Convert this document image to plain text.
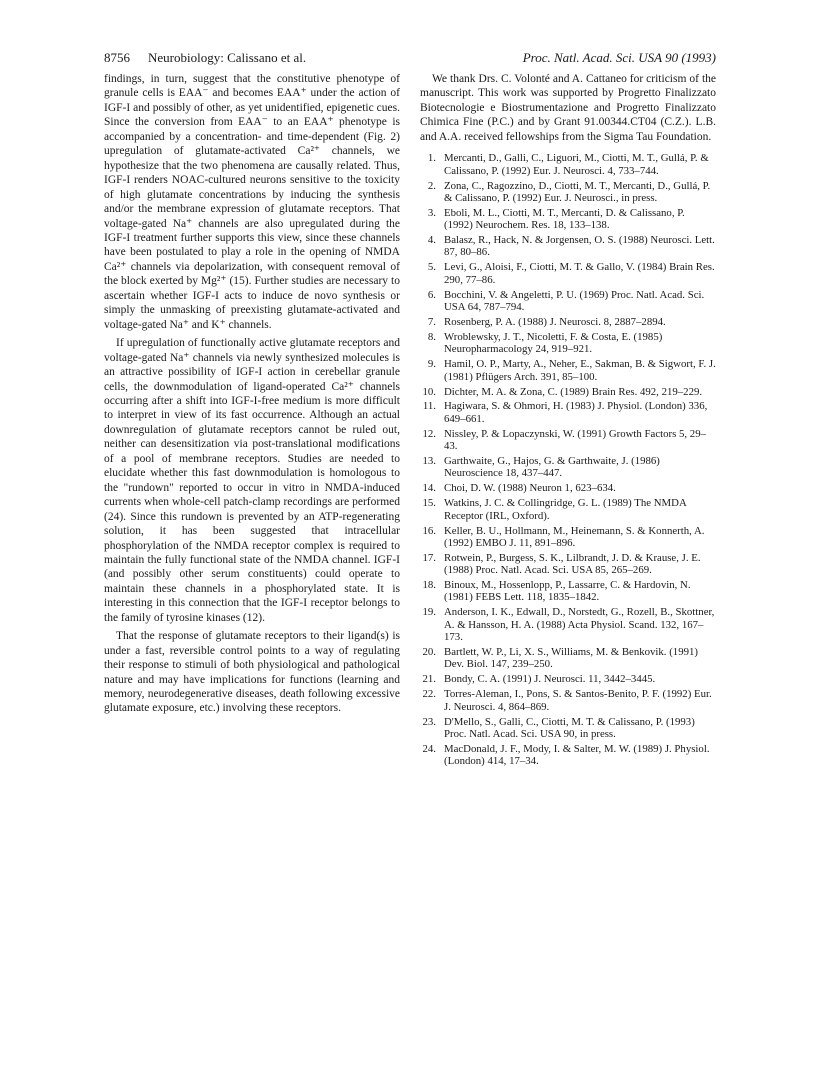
8756 Neurobiology: Calissano et al.	Proc. Natl. Acad. Sci. USA 90 (1993)

findings, in turn, suggest that the constitutive phenotype of granule cells is EAA⁻ and becomes EAA⁺ under the action of IGF-I and possibly of other, as yet unidentified, epigenetic cues. Since the conversion from EAA⁻ to an EAA⁺ phenotype is accompanied by a concentration- and time-dependent (Fig. 2) upregulation of glutamate-activated Ca²⁺ channels, we hypothesize that the two phenomena are causally related. Thus, IGF-I renders NOAC-cultured neurons sensitive to the toxicity of high glutamate concentrations by inducing the synthesis and/or the membrane expression of glutamate receptors. That voltage-gated Na⁺ channels are also upregulated during the IGF-I treatment further supports this view, since these channels have been postulated to play a role in the opening of NMDA Ca²⁺ channels via depolarization, with consequent removal of the block exerted by Mg²⁺ (15). Further studies are necessary to ascertain whether IGF-I acts to induce de novo synthesis or simply the unmasking of preexisting glutamate-activated and voltage-gated Na⁺ and K⁺ channels.

If upregulation of functionally active glutamate receptors and voltage-gated Na⁺ channels via newly synthesized molecules is an attractive possibility of IGF-I action in cerebellar granule cells, the downmodulation of ligand-operated Ca²⁺ channels occurring after a shift into IGF-I-free medium is more difficult to interpret in view of its fast occurrence. Although an actual downregulation of glutamate receptors cannot be ruled out, neither can desensitization via post-translational modifications of a pool of membrane receptors. Studies are needed to elucidate whether this fast downmodulation is homologous to the "rundown" reported to occur in vitro in NMDA-induced currents when whole-cell patch-clamp recordings are performed (24). Since this rundown is prevented by an ATP-regenerating solution, it has been suggested that intracellular phosphorylation of the NMDA receptor complex is required to maintain the fully functional state of the NMDA channel. IGF-I (and possibly other serum constituents) could operate to maintain these channels in a phosphorylated state. It is interesting in this connection that the IGF-I receptor belongs to the family of tyrosine kinases (12).

That the response of glutamate receptors to their ligand(s) is under a fast, reversible control points to a way of regulating their response to stimuli of both physiological and pathological nature and may have implications for functions (learning and memory, neurodegenerative diseases, death following excessive glutamate exposure, etc.) involving these receptors.

We thank Drs. C. Volonté and A. Cattaneo for criticism of the manuscript. This work was supported by Progretto Finalizzato Biotecnologie e Biostrumentazione and Progretto Finalizzato Chimica Fine (P.C.) and by Grant 91.00344.CT04 (C.Z.). L.B. and A.A. received fellowships from the Sigma Tau Foundation.

1. Mercanti, D., Galli, C., Liguori, M., Ciotti, M. T., Gullá, P. & Calissano, P. (1992) Eur. J. Neurosci. 4, 733–744.
2. Zona, C., Ragozzino, D., Ciotti, M. T., Mercanti, D., Gullá, P. & Calissano, P. (1992) Eur. J. Neurosci., in press.
3. Eboli, M. L., Ciotti, M. T., Mercanti, D. & Calissano, P. (1992) Neurochem. Res. 18, 133–138.
4. Balasz, R., Hack, N. & Jorgensen, O. S. (1988) Neurosci. Lett. 87, 80–86.
5. Levi, G., Aloisi, F., Ciotti, M. T. & Gallo, V. (1984) Brain Res. 290, 77–86.
6. Bocchini, V. & Angeletti, P. U. (1969) Proc. Natl. Acad. Sci. USA 64, 787–794.
7. Rosenberg, P. A. (1988) J. Neurosci. 8, 2887–2894.
8. Wroblewsky, J. T., Nicoletti, F. & Costa, E. (1985) Neuropharmacology 24, 919–921.
9. Hamil, O. P., Marty, A., Neher, E., Sakman, B. & Sigwort, F. J. (1981) Pflügers Arch. 391, 85–100.
10. Dichter, M. A. & Zona, C. (1989) Brain Res. 492, 219–229.
11. Hagiwara, S. & Ohmori, H. (1983) J. Physiol. (London) 336, 649–661.
12. Nissley, P. & Lopaczynski, W. (1991) Growth Factors 5, 29–43.
13. Garthwaite, G., Hajos, G. & Garthwaite, J. (1986) Neuroscience 18, 437–447.
14. Choi, D. W. (1988) Neuron 1, 623–634.
15. Watkins, J. C. & Collingridge, G. L. (1989) The NMDA Receptor (IRL, Oxford).
16. Keller, B. U., Hollmann, M., Heinemann, S. & Konnerth, A. (1992) EMBO J. 11, 891–896.
17. Rotwein, P., Burgess, S. K., Lilbrandt, J. D. & Krause, J. E. (1988) Proc. Natl. Acad. Sci. USA 85, 265–269.
18. Binoux, M., Hossenlopp, P., Lassarre, C. & Hardovin, N. (1981) FEBS Lett. 118, 1835–1842.
19. Anderson, I. K., Edwall, D., Norstedt, G., Rozell, B., Skottner, A. & Hansson, H. A. (1988) Acta Physiol. Scand. 132, 167–173.
20. Bartlett, W. P., Li, X. S., Williams, M. & Benkovik. (1991) Dev. Biol. 147, 239–250.
21. Bondy, C. A. (1991) J. Neurosci. 11, 3442–3445.
22. Torres-Aleman, I., Pons, S. & Santos-Benito, P. F. (1992) Eur. J. Neurosci. 4, 864–869.
23. D'Mello, S., Galli, C., Ciotti, M. T. & Calissano, P. (1993) Proc. Natl. Acad. Sci. USA 90, in press.
24. MacDonald, J. F., Mody, I. & Salter, M. W. (1989) J. Physiol. (London) 414, 17–34.
